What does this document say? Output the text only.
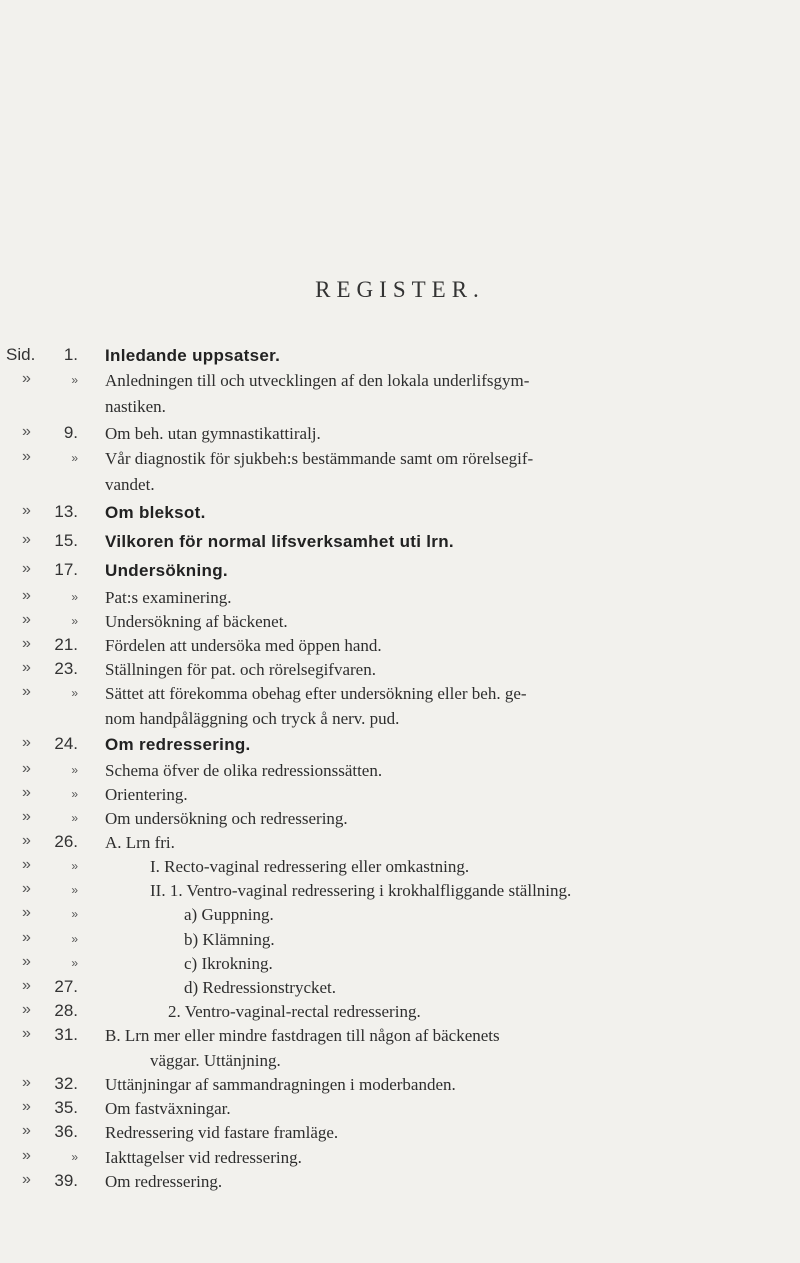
REGISTER.
Sid.	1. Inledande uppsatser.
»	» Anledningen till och utvecklingen af den lokala underlifsgym-
nastiken.
»	9. Om beh. utan gymnastikattiralj.
»	» Vår diagnostik för sjukbeh:s bestämmande samt om rörelsegif-
vandet.
»	13. Om bleksot.
»	15. Vilkoren för normal lifsverksamhet uti lrn.
»	17. Undersökning.
»	» Pat:s examinering.
»	» Undersökning af bäckenet.
»	21. Fördelen att undersöka med öppen hand.
»	23. Ställningen för pat. och rörelsegifvaren.
»	» Sättet att förekomma obehag efter undersökning eller beh. ge-
nom handpåläggning och tryck å nerv. pud.
»	24. Om redressering.
»	» Schema öfver de olika redressionssätten.
»	» Orientering.
»	» Om undersökning och redressering.
»	26. A. Lrn fri.
»	»	I. Recto-vaginal redressering eller omkastning.
»	»	II. 1. Ventro-vaginal redressering i krokhalfliggande ställning.
»	»	a) Guppning.
»	»	b) Klämning.
»	»	c) Ikrokning.
»	27.	d) Redressionstrycket.
»	28.	2. Ventro-vaginal-rectal redressering.
»	31. B. Lrn mer eller mindre fastdragen till någon af bäckenets
väggar. Uttänjning.
»	32. Uttänjningar af sammandragningen i moderbanden.
»	35. Om fastväxningar.
»	36. Redressering vid fastare framläge.
»	» Iakttagelser vid redressering.
»	39. Om redressering.
